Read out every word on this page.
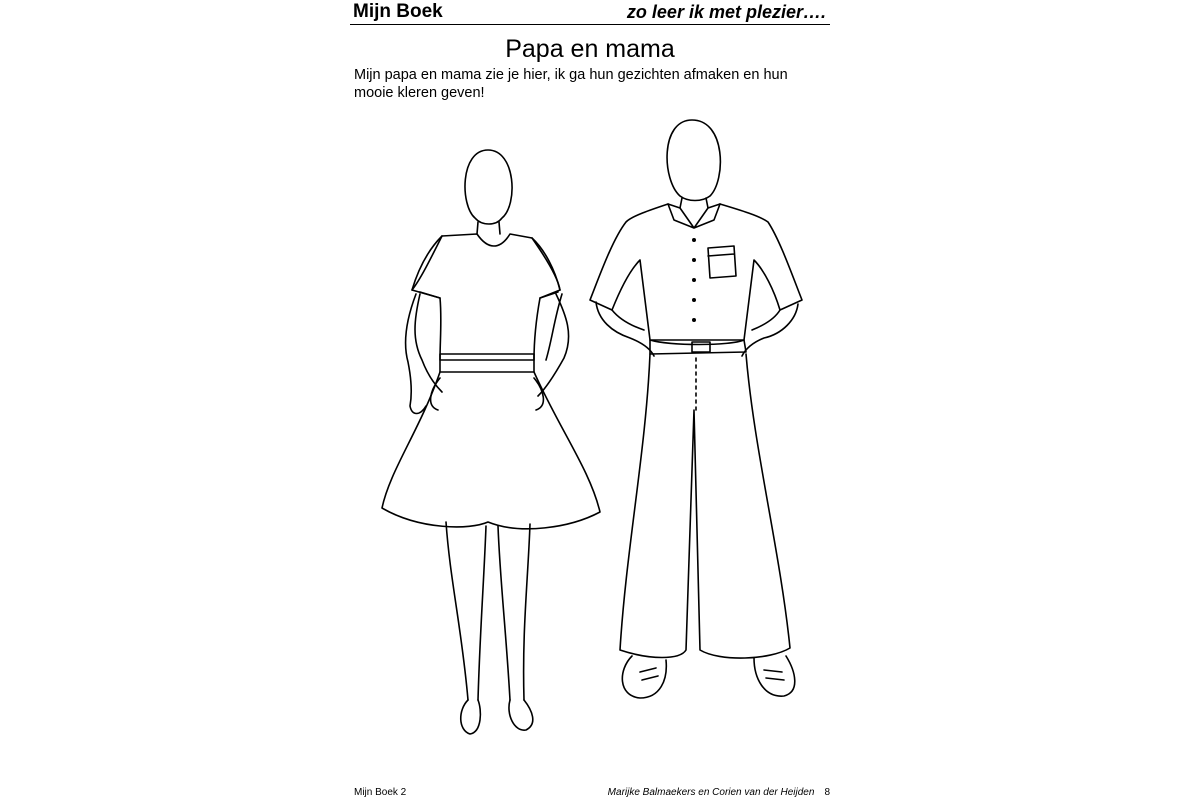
Mijn Boek	zo leer ik met plezier….
Papa en mama
Mijn papa en mama zie je hier, ik ga hun gezichten afmaken en hun mooie kleren geven!
Mijn Boek 2	Marijke Balmaekers en Corien van der Heijden 8
